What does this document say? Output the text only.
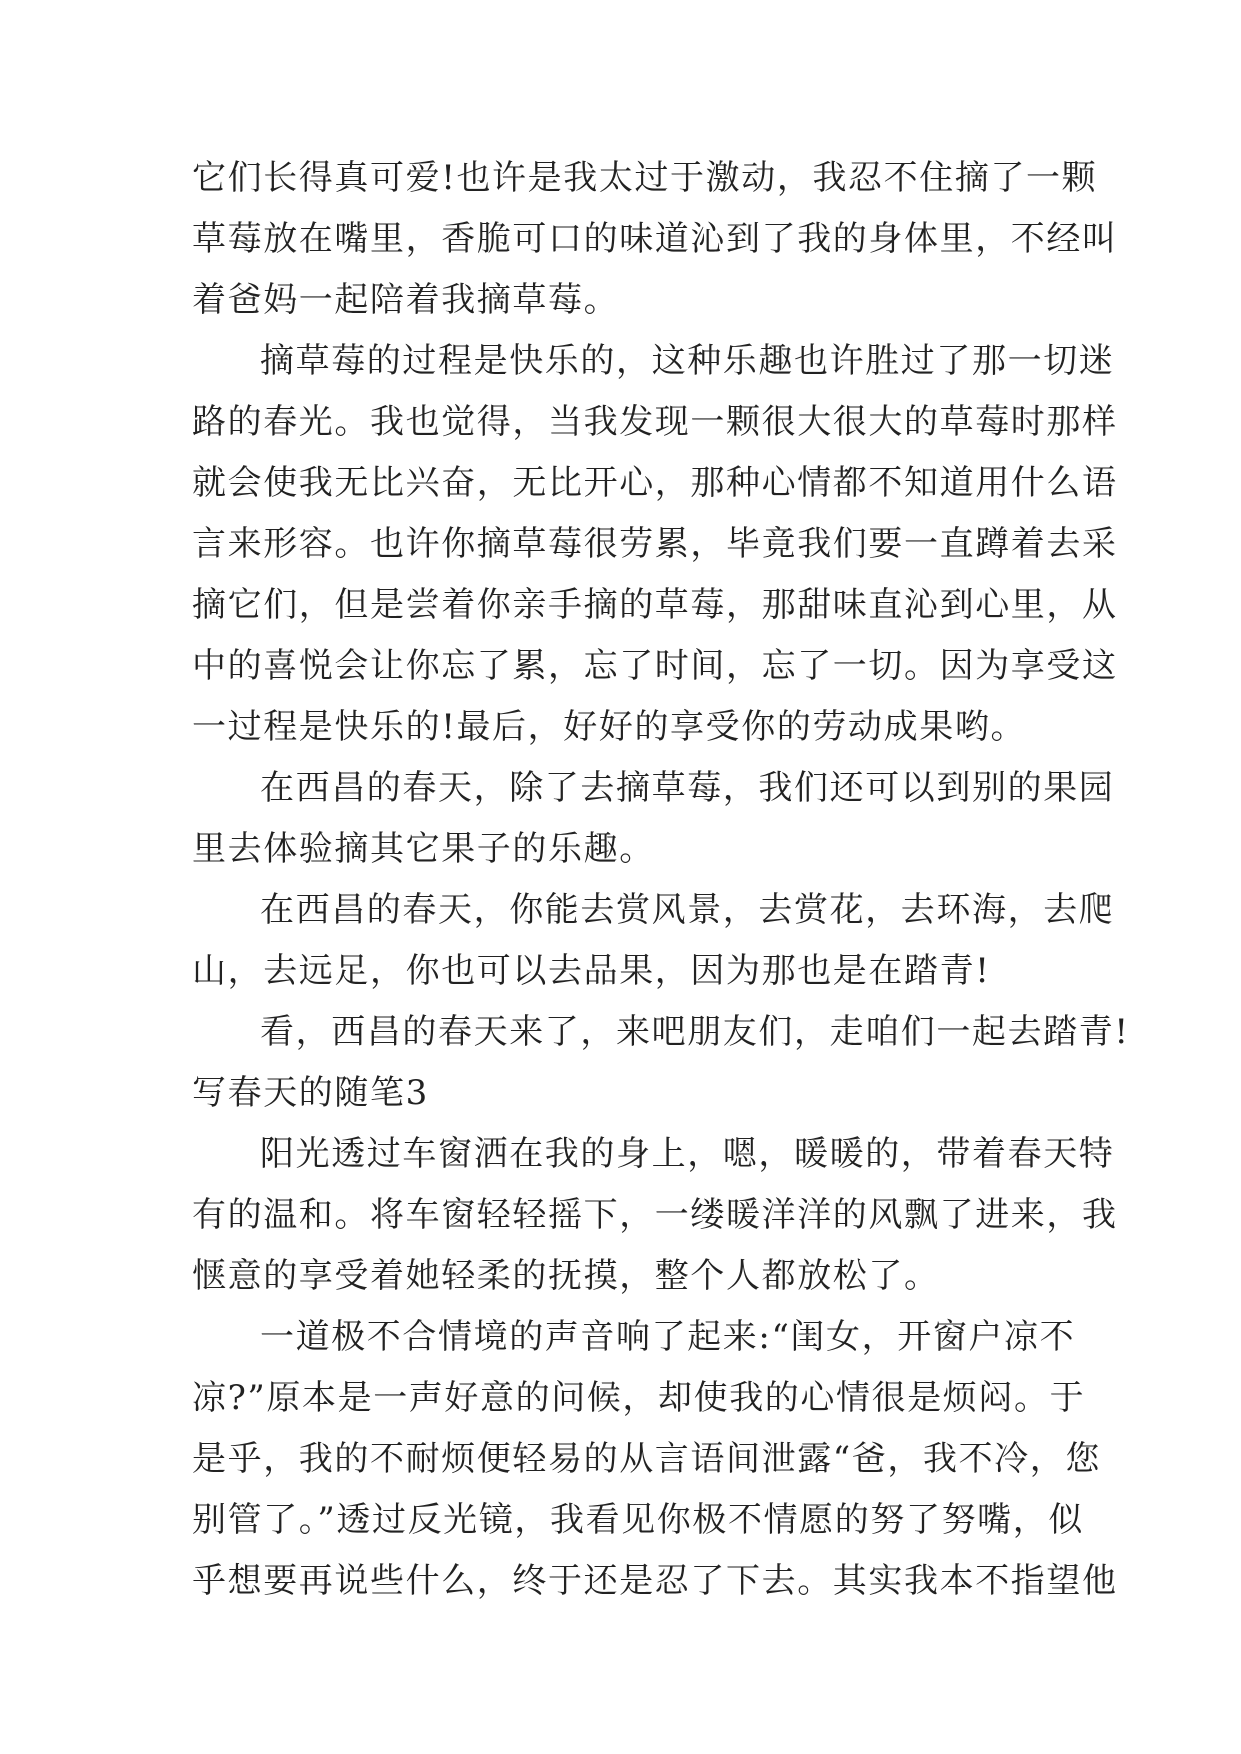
它们长得真可爱!也许是我太过于激动，我忍不住摘了一颗
草莓放在嘴里，香脆可口的味道沁到了我的身体里，不经叫
着爸妈一起陪着我摘草莓。
摘草莓的过程是快乐的，这种乐趣也许胜过了那一切迷
路的春光。我也觉得，当我发现一颗很大很大的草莓时那样
就会使我无比兴奋，无比开心，那种心情都不知道用什么语
言来形容。也许你摘草莓很劳累，毕竟我们要一直蹲着去采
摘它们，但是尝着你亲手摘的草莓，那甜味直沁到心里，从
中的喜悦会让你忘了累，忘了时间，忘了一切。因为享受这
一过程是快乐的!最后，好好的享受你的劳动成果哟。
在西昌的春天，除了去摘草莓，我们还可以到别的果园
里去体验摘其它果子的乐趣。
在西昌的春天，你能去赏风景，去赏花，去环海，去爬
山，去远足，你也可以去品果，因为那也是在踏青!
看，西昌的春天来了，来吧朋友们，走咱们一起去踏青!
写春天的随笔3
阳光透过车窗洒在我的身上，嗯，暖暖的，带着春天特
有的温和。将车窗轻轻摇下，一缕暖洋洋的风飘了进来，我
惬意的享受着她轻柔的抚摸，整个人都放松了。
一道极不合情境的声音响了起来:“闺女，开窗户凉不
凉?”原本是一声好意的问候，却使我的心情很是烦闷。于
是乎，我的不耐烦便轻易的从言语间泄露“爸，我不冷，您
别管了。”透过反光镜，我看见你极不情愿的努了努嘴，似
乎想要再说些什么，终于还是忍了下去。其实我本不指望他
